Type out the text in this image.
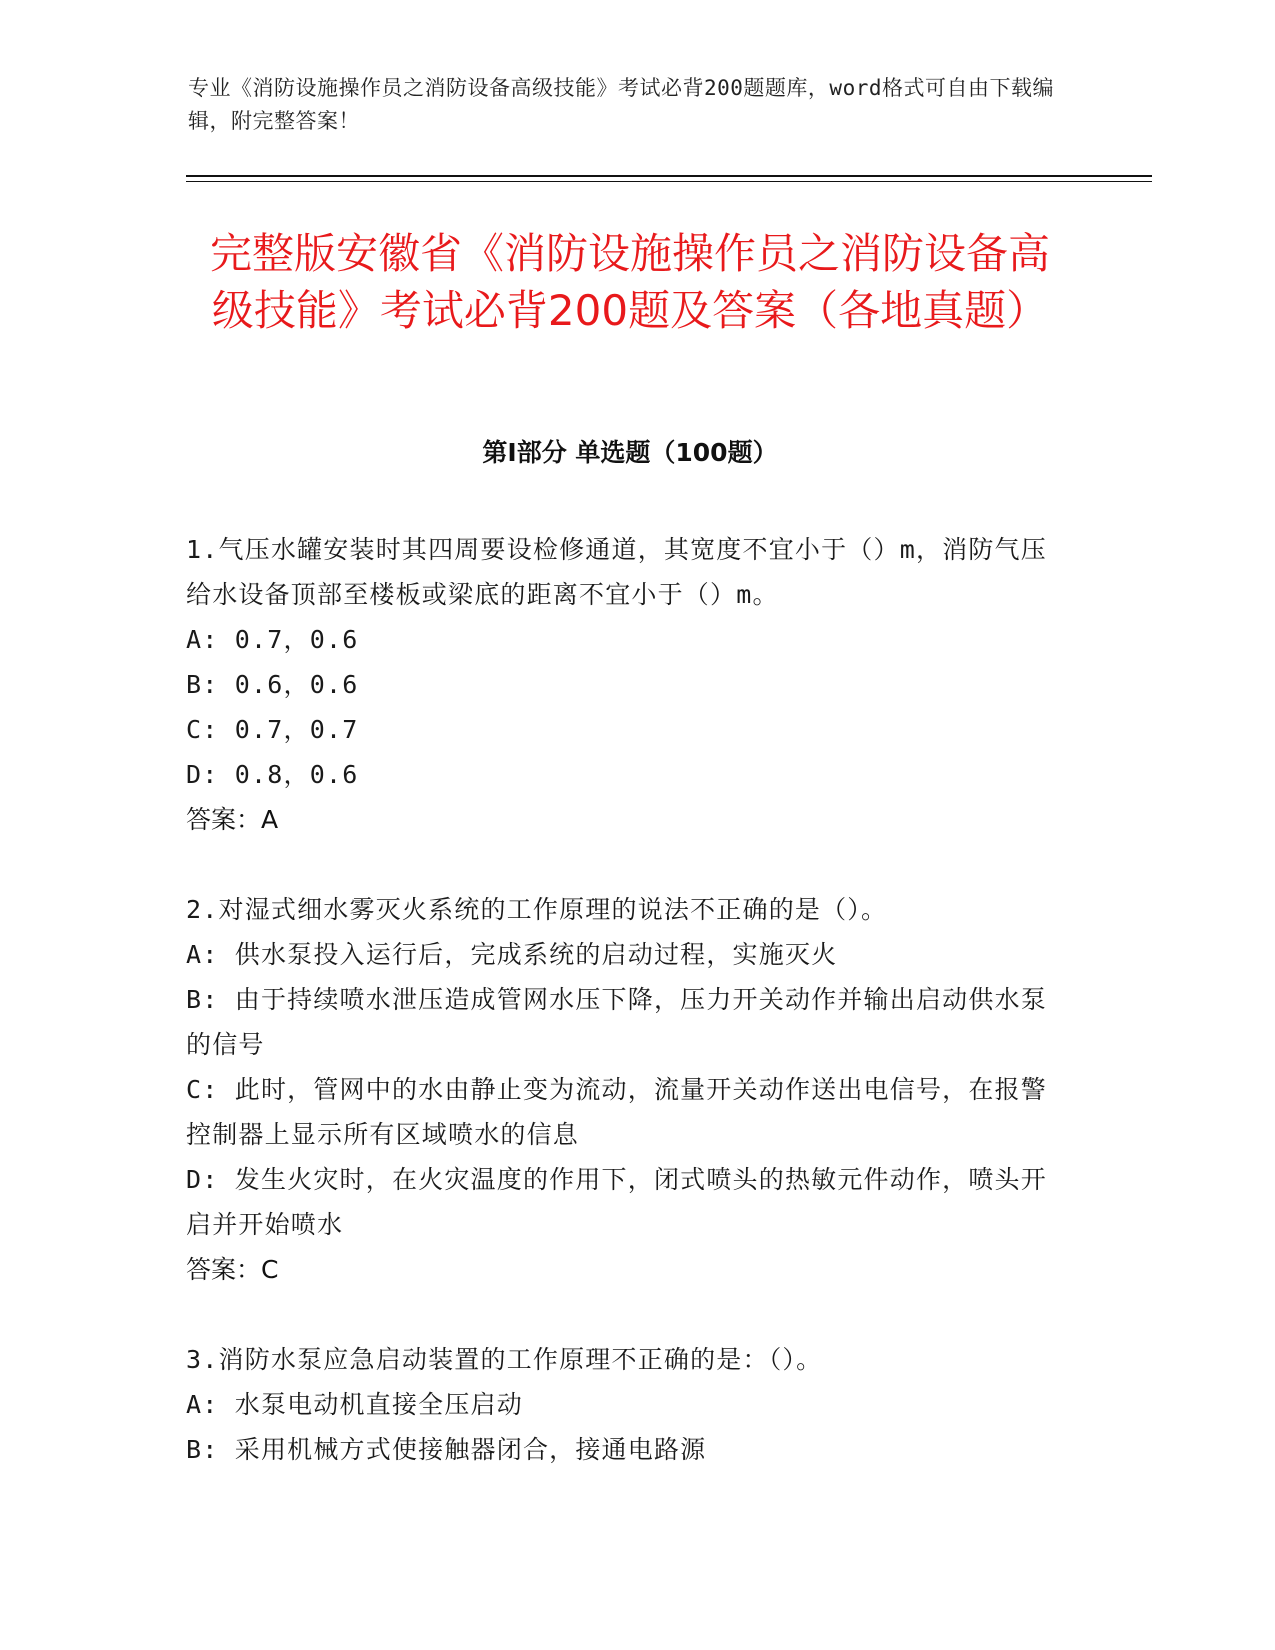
专业《消防设施操作员之消防设备高级技能》考试必背200题题库，word格式可自由下载编辑，附完整答案！
完整版安徽省《消防设施操作员之消防设备高级技能》考试必背200题及答案（各地真题）
第Ⅰ部分 单选题（100题）

1.气压水罐安装时其四周要设检修通道，其宽度不宜小于（）m，消防气压给水设备顶部至楼板或梁底的距离不宜小于（）m。

A: 0.7，0.6

B: 0.6，0.6

C: 0.7，0.7

D: 0.8，0.6

答案：A

2.对湿式细水雾灭火系统的工作原理的说法不正确的是（）。

A: 供水泵投入运行后，完成系统的启动过程，实施灭火

B: 由于持续喷水泄压造成管网水压下降，压力开关动作并输出启动供水泵的信号

C: 此时，管网中的水由静止变为流动，流量开关动作送出电信号，在报警控制器上显示所有区域喷水的信息

D: 发生火灾时，在火灾温度的作用下，闭式喷头的热敏元件动作，喷头开启并开始喷水

答案：C

3.消防水泵应急启动装置的工作原理不正确的是：（）。

A: 水泵电动机直接全压启动

B: 采用机械方式使接触器闭合，接通电路源
